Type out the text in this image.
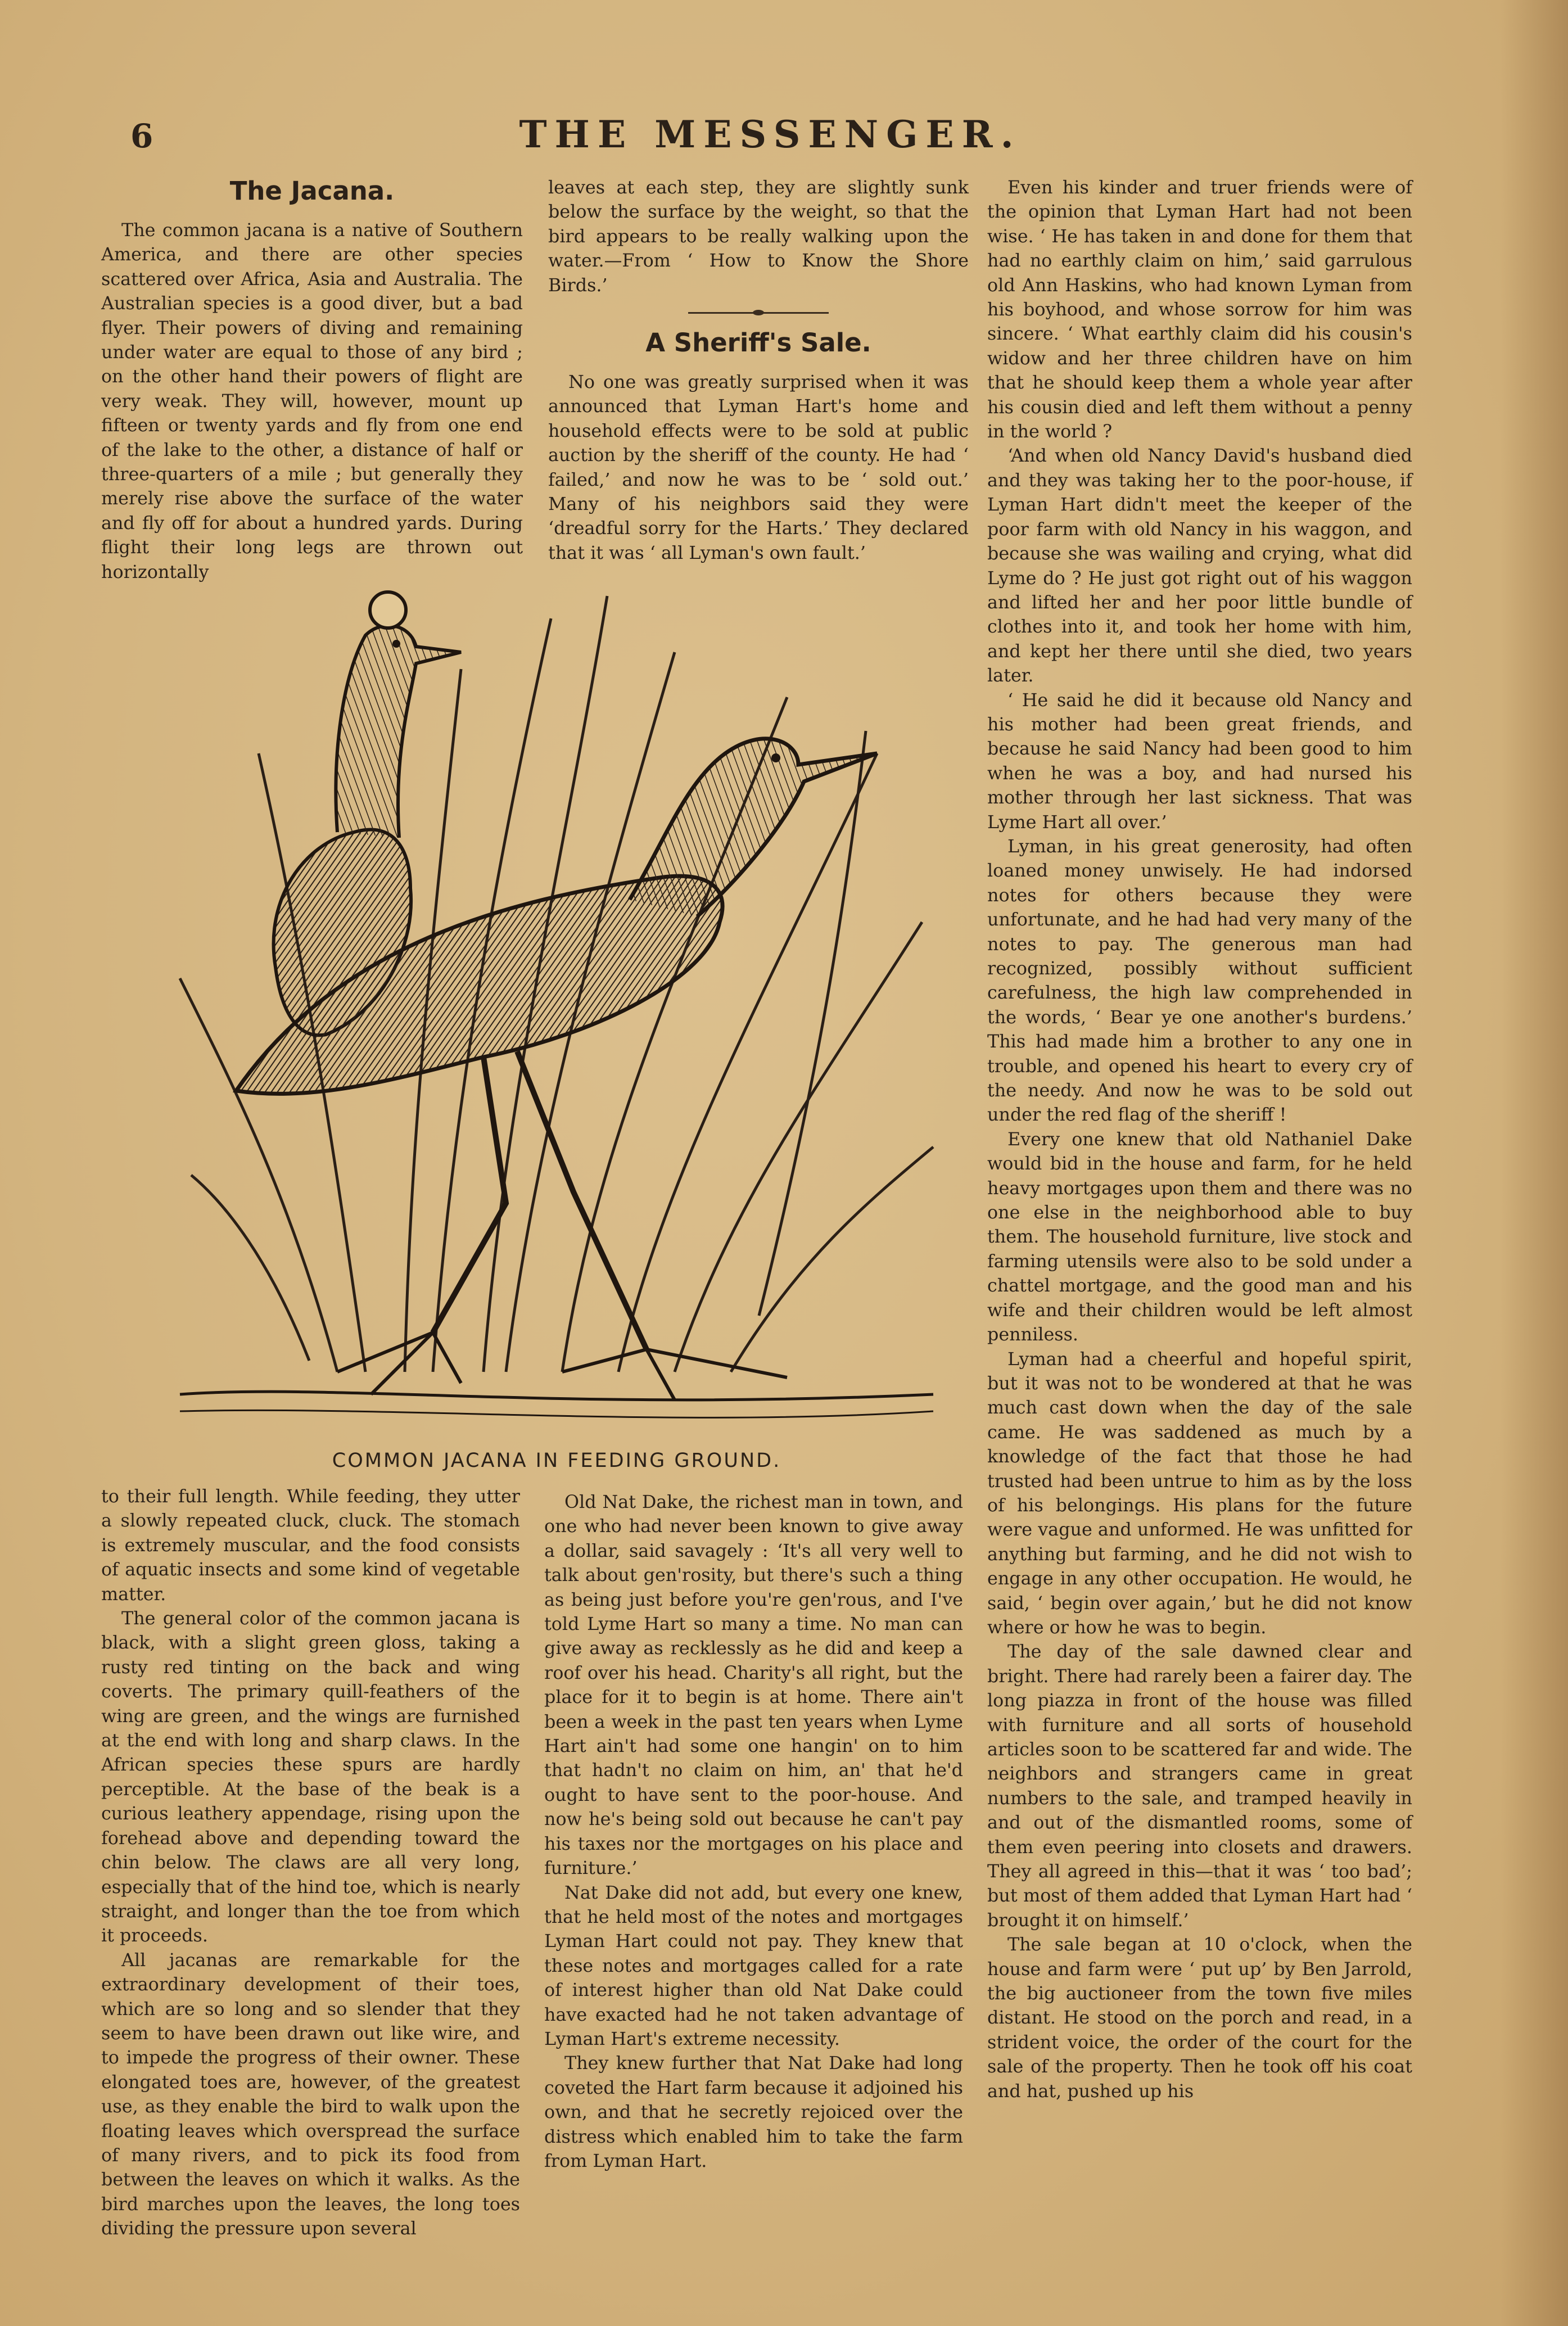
6	THE MESSENGER.
The Jacana.

The common jacana is a native of Southern America, and there are other species scattered over Africa, Asia and Australia. The Australian species is a good diver, but a bad flyer. Their powers of diving and remaining under water are equal to those of any bird ; on the other hand their powers of flight are very weak. They will, however, mount up fifteen or twenty yards and fly from one end of the lake to the other, a distance of half or three-quarters of a mile ; but generally they merely rise above the surface of the water and fly off for about a hundred yards. During flight their long legs are thrown out horizontally

leaves at each step, they are slightly sunk below the surface by the weight, so that the bird appears to be really walking upon the water.—From ‘ How to Know the Shore Birds.’

A Sheriff's Sale.

No one was greatly surprised when it was announced that Lyman Hart's home and household effects were to be sold at public auction by the sheriff of the county. He had ‘ failed,’ and now he was to be ‘ sold out.’ Many of his neighbors said they were ‘dreadful sorry for the Harts.’ They declared that it was ‘ all Lyman's own fault.’

COMMON JACANA IN FEEDING GROUND.

to their full length. While feeding, they utter a slowly repeated cluck, cluck. The stomach is extremely muscular, and the food consists of aquatic insects and some kind of vegetable matter.

The general color of the common jacana is black, with a slight green gloss, taking a rusty red tinting on the back and wing coverts. The primary quill-feathers of the wing are green, and the wings are furnished at the end with long and sharp claws. In the African species these spurs are hardly perceptible. At the base of the beak is a curious leathery appendage, rising upon the forehead above and depending toward the chin below. The claws are all very long, especially that of the hind toe, which is nearly straight, and longer than the toe from which it proceeds.

All jacanas are remarkable for the extraordinary development of their toes, which are so long and so slender that they seem to have been drawn out like wire, and to impede the progress of their owner. These elongated toes are, however, of the greatest use, as they enable the bird to walk upon the floating leaves which overspread the surface of many rivers, and to pick its food from between the leaves on which it walks. As the bird marches upon the leaves, the long toes dividing the pressure upon several

Old Nat Dake, the richest man in town, and one who had never been known to give away a dollar, said savagely : ‘It's all very well to talk about gen'rosity, but there's such a thing as being just before you're gen'rous, and I've told Lyme Hart so many a time. No man can give away as recklessly as he did and keep a roof over his head. Charity's all right, but the place for it to begin is at home. There ain't been a week in the past ten years when Lyme Hart ain't had some one hangin' on to him that hadn't no claim on him, an' that he'd ought to have sent to the poor-house. And now he's being sold out because he can't pay his taxes nor the mortgages on his place and furniture.’

Nat Dake did not add, but every one knew, that he held most of the notes and mortgages Lyman Hart could not pay. They knew that these notes and mortgages called for a rate of interest higher than old Nat Dake could have exacted had he not taken advantage of Lyman Hart's extreme necessity.

They knew further that Nat Dake had long coveted the Hart farm because it adjoined his own, and that he secretly rejoiced over the distress which enabled him to take the farm from Lyman Hart.

Even his kinder and truer friends were of the opinion that Lyman Hart had not been wise. ‘ He has taken in and done for them that had no earthly claim on him,’ said garrulous old Ann Haskins, who had known Lyman from his boyhood, and whose sorrow for him was sincere. ‘ What earthly claim did his cousin's widow and her three children have on him that he should keep them a whole year after his cousin died and left them without a penny in the world ?

‘And when old Nancy David's husband died and they was taking her to the poor-house, if Lyman Hart didn't meet the keeper of the poor farm with old Nancy in his waggon, and because she was wailing and crying, what did Lyme do ? He just got right out of his waggon and lifted her and her poor little bundle of clothes into it, and took her home with him, and kept her there until she died, two years later.

‘ He said he did it because old Nancy and his mother had been great friends, and because he said Nancy had been good to him when he was a boy, and had nursed his mother through her last sickness. That was Lyme Hart all over.’

Lyman, in his great generosity, had often loaned money unwisely. He had indorsed notes for others because they were unfortunate, and he had had very many of the notes to pay. The generous man had recognized, possibly without sufficient carefulness, the high law comprehended in the words, ‘ Bear ye one another's burdens.’ This had made him a brother to any one in trouble, and opened his heart to every cry of the needy. And now he was to be sold out under the red flag of the sheriff !

Every one knew that old Nathaniel Dake would bid in the house and farm, for he held heavy mortgages upon them and there was no one else in the neighborhood able to buy them. The household furniture, live stock and farming utensils were also to be sold under a chattel mortgage, and the good man and his wife and their children would be left almost penniless.

Lyman had a cheerful and hopeful spirit, but it was not to be wondered at that he was much cast down when the day of the sale came. He was saddened as much by a knowledge of the fact that those he had trusted had been untrue to him as by the loss of his belongings. His plans for the future were vague and unformed. He was unfitted for anything but farming, and he did not wish to engage in any other occupation. He would, he said, ‘ begin over again,’ but he did not know where or how he was to begin.

The day of the sale dawned clear and bright. There had rarely been a fairer day. The long piazza in front of the house was filled with furniture and all sorts of household articles soon to be scattered far and wide. The neighbors and strangers came in great numbers to the sale, and tramped heavily in and out of the dismantled rooms, some of them even peering into closets and drawers. They all agreed in this—that it was ‘ too bad’; but most of them added that Lyman Hart had ‘ brought it on himself.’

The sale began at 10 o'clock, when the house and farm were ‘ put up’ by Ben Jarrold, the big auctioneer from the town five miles distant. He stood on the porch and read, in a strident voice, the order of the court for the sale of the property. Then he took off his coat and hat, pushed up his
